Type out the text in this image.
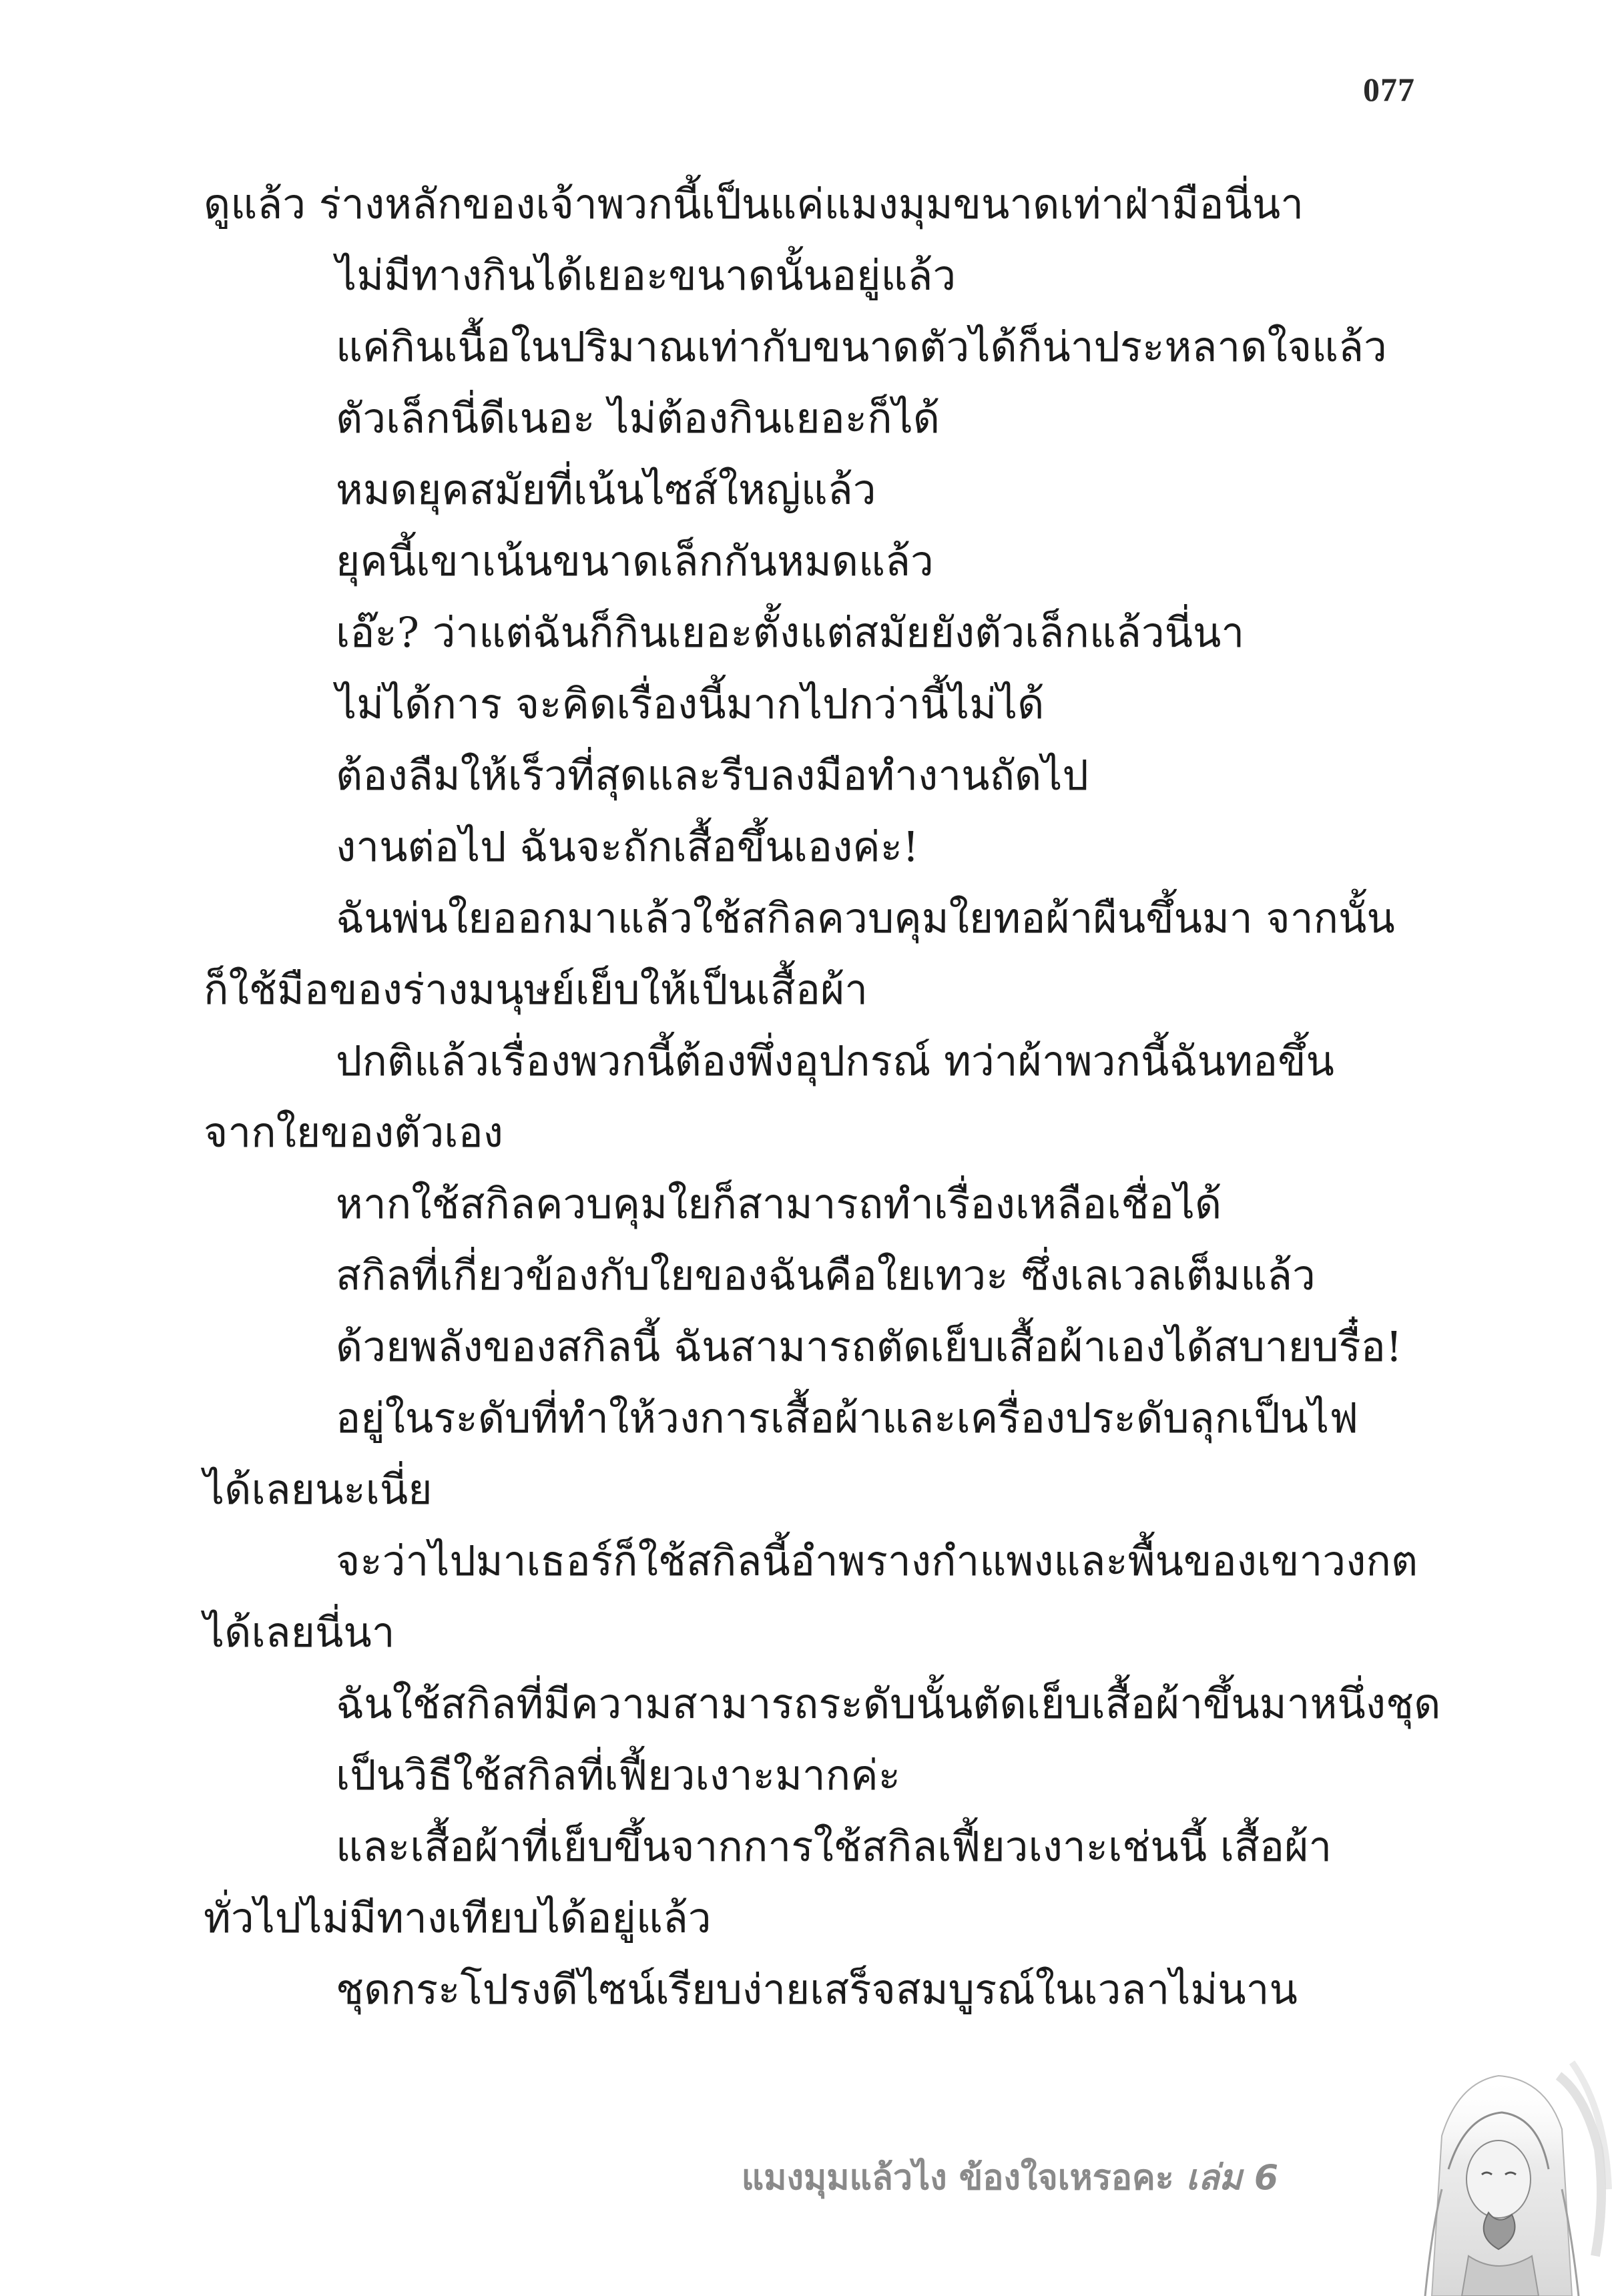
077
ดูแล้ว ร่างหลักของเจ้าพวกนี้เป็นแค่แมงมุมขนาดเท่าฝ่ามือนี่นา
ไม่มีทางกินได้เยอะขนาดนั้นอยู่แล้ว
แค่กินเนื้อในปริมาณเท่ากับขนาดตัวได้ก็น่าประหลาดใจแล้ว
ตัวเล็กนี่ดีเนอะ ไม่ต้องกินเยอะก็ได้
หมดยุคสมัยที่เน้นไซส์ใหญ่แล้ว
ยุคนี้เขาเน้นขนาดเล็กกันหมดแล้ว
เอ๊ะ? ว่าแต่ฉันก็กินเยอะตั้งแต่สมัยยังตัวเล็กแล้วนี่นา
ไม่ได้การ จะคิดเรื่องนี้มากไปกว่านี้ไม่ได้
ต้องลืมให้เร็วที่สุดและรีบลงมือทำงานถัดไป
งานต่อไป ฉันจะถักเสื้อขึ้นเองค่ะ!
ฉันพ่นใยออกมาแล้วใช้สกิลควบคุมใยทอผ้าผืนขึ้นมา จากนั้น
ก็ใช้มือของร่างมนุษย์เย็บให้เป็นเสื้อผ้า
ปกติแล้วเรื่องพวกนี้ต้องพึ่งอุปกรณ์ ทว่าผ้าพวกนี้ฉันทอขึ้น
จากใยของตัวเอง
หากใช้สกิลควบคุมใยก็สามารถทำเรื่องเหลือเชื่อได้
สกิลที่เกี่ยวข้องกับใยของฉันคือใยเทวะ ซึ่งเลเวลเต็มแล้ว
ด้วยพลังของสกิลนี้ ฉันสามารถตัดเย็บเสื้อผ้าเองได้สบายบรื๋อ!
อยู่ในระดับที่ทำให้วงการเสื้อผ้าและเครื่องประดับลุกเป็นไฟ
ได้เลยนะเนี่ย
จะว่าไปมาเธอร์ก็ใช้สกิลนี้อำพรางกำแพงและพื้นของเขาวงกต
ได้เลยนี่นา
ฉันใช้สกิลที่มีความสามารถระดับนั้นตัดเย็บเสื้อผ้าขึ้นมาหนึ่งชุด
เป็นวิธีใช้สกิลที่เฟี้ยวเงาะมากค่ะ
และเสื้อผ้าที่เย็บขึ้นจากการใช้สกิลเฟี้ยวเงาะเช่นนี้ เสื้อผ้า
ทั่วไปไม่มีทางเทียบได้อยู่แล้ว
ชุดกระโปรงดีไซน์เรียบง่ายเสร็จสมบูรณ์ในเวลาไม่นาน
แมงมุมแล้วไง ข้องใจเหรอคะ เล่ม 6
